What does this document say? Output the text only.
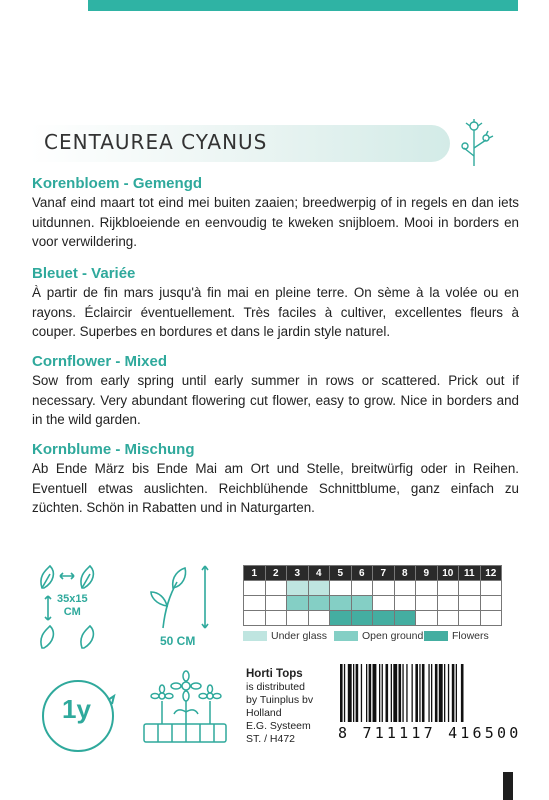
CENTAUREA CYANUS
Korenbloem - Gemengd
Vanaf eind maart tot eind mei buiten zaaien; breedwerpig of in regels en dan iets uitdunnen. Rijkbloeiende en eenvoudig te kweken snijbloem. Mooi in borders en voor verwildering.
Bleuet - Variée
À partir de fin mars jusqu'à fin mai en pleine terre. On sème à la volée ou en rayons. Éclaircir éventuellement. Très faciles à cultiver, excellentes fleurs à couper. Superbes en bordures et dans le jardin style naturel.
Cornflower - Mixed
Sow from early spring until early summer in rows or scattered. Prick out if necessary. Very abundant flowering cut flower, easy to grow. Nice in borders and in the wild garden.
Kornblume - Mischung
Ab Ende März bis Ende Mai am Ort und Stelle, breitwürfig oder in Reihen. Eventuell etwas auslichten. Reichblühende Schnittblume, ganz einfach zu züchten. Schön in Rabatten und in Naturgarten.
35x15
CM
50 CM
1y
1	2	3	4	5	6	7	8	9	10	11	12

Under glass	Open ground	Flowers
Horti Tops
is distributed
by Tuinplus bv
Holland
E.G. Systeem
ST. / H472	8 711117 416500
